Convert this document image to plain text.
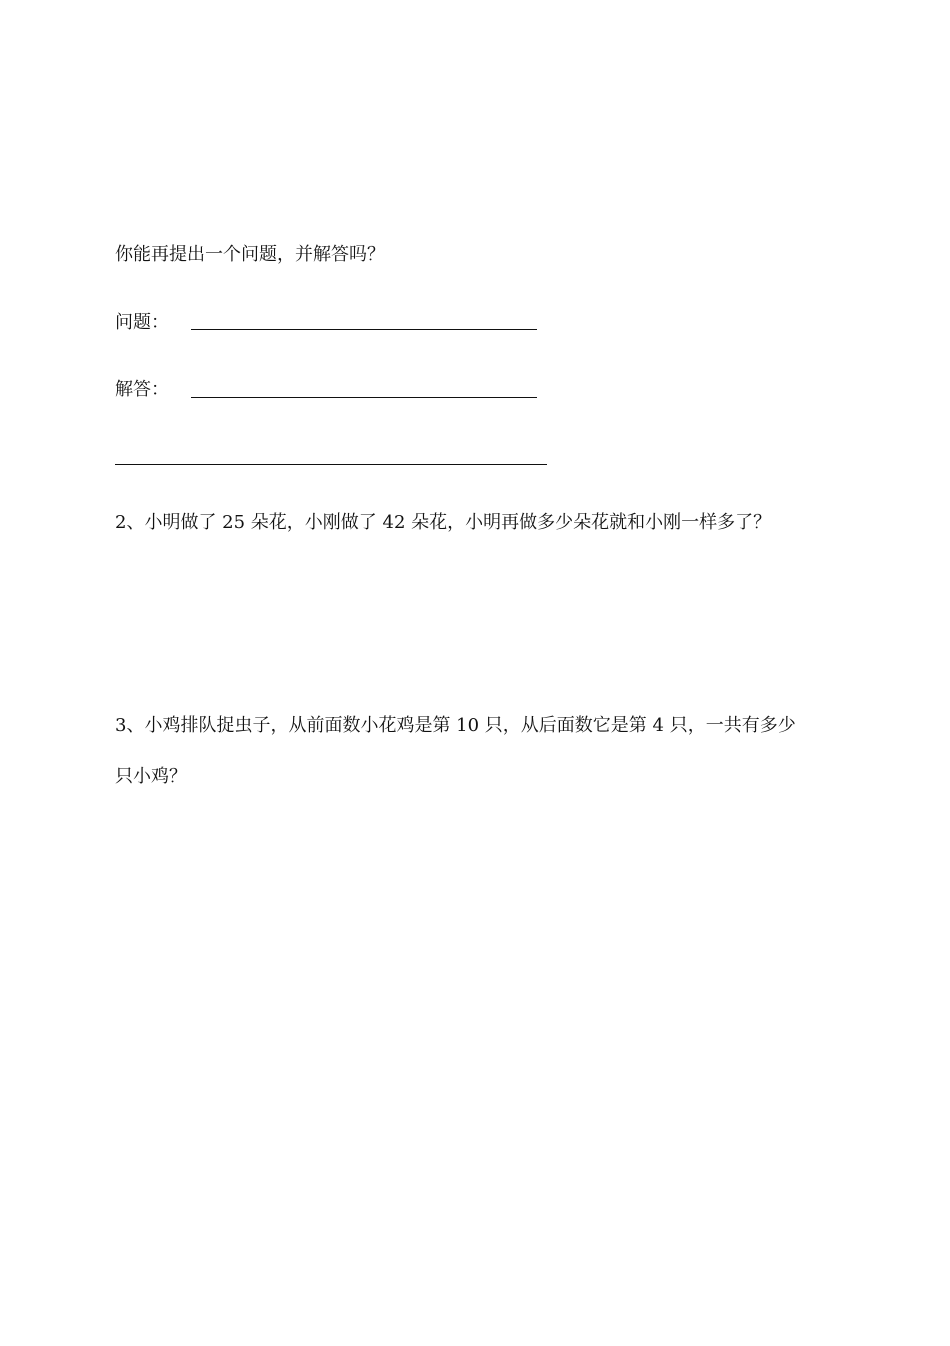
你能再提出一个问题，并解答吗？
问题：
解答：
2、小明做了 25 朵花，小刚做了 42 朵花，小明再做多少朵花就和小刚一样多了？
3、小鸡排队捉虫子，从前面数小花鸡是第 10 只，从后面数它是第 4 只，一共有多少
只小鸡？
